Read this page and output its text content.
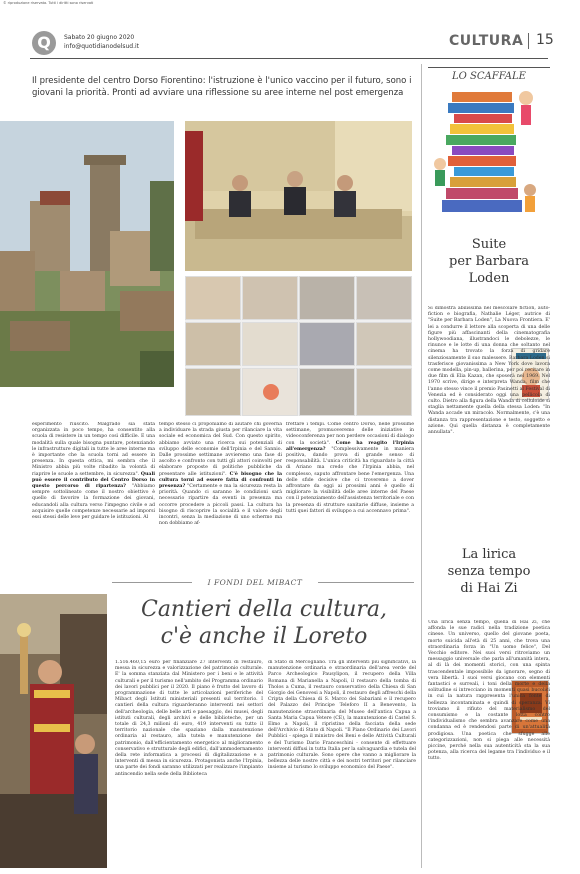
© riproduzione riservata. Tutti i diritti sono riservati
Q	Sabato 20 giugno 2020
info@quotidianodelsud.it	CULTURA 15
Il presidente del centro Dorso Fiorentino: l'istruzione è l'unico vaccino per il futuro, sono i giovani la priorità. Pronti ad avviare una riflessione su aree interne nel post emergenza
esperimento riuscito. Malgrado sia stata organizzata in poco tempo, ha consentito alla scuola di resistere in un tempo così difficile. E una modalità sulla quale bisogna puntare, potenziando le infrastrutture digitali in tutte le aree interne ma è importante che la scuola torni ad essere in presenza. In questa ottica, mi sembra che il Ministro abbia più volte ribadito la volontà di riaprire le scuole a settembre, in sicurezza". Quali può essere il contributo del Centro Dorso in questo percorso di ripartenza? "Abbiamo sempre sottolineato come il nostro obiettivo è quello di favorire la formazione dei giovani, educandoli alla cultura verso l'impegno civile e ad acquisire quelle competenze necessarie ad imporsi essi stessi delle leve per guidare le istituzioni. Al
tempo stesso ci proponiamo di aiutare chi governa a individuare la strada giusta per rilanciare la vita sociale ed economica del Sud. Con questo spirito, abbiamo avviato una ricerca sui potenziali di sviluppo delle economie dell'Irpinia e del Sannio. Dalle prossime settimane avvieremo una fase di ascolto e confronto con tutti gli attori coinvolti per elaborare proposte di politiche pubbliche da presentare alle istituzioni". C'è bisogno che la cultura torni ad essere fatta di confronti in presenza? "Certamente e ma la sicurezza resta la priorità. Quando ci saranno le condizioni sarà necessario ripartire da eventi in presenza ma occorre procedere a piccoli passi. La cultura ha bisogno di riscoprire la socialità e il valore degli incontri, senza la mediazione di uno schermo ma non dobbiamo af-
frettare i tempi. Come centro Dorso, nelle prossime settimane, promuoveremo delle iniziative in videoconferenza per non perdere occasioni di dialogo con la società". Come ha reagito l'Irpinia all'emergenza? "Complessivamente in maniera positiva, dando prova di grande senso di responsabilità. L'unica criticità ha riguardato la città di Ariano ma credo che l'Irpinia abbia, nel complesso, saputo affrontare bene l'emergenza. Una delle sfide decisive che ci troveremo a dover affrontare da oggi ai prossimi anni è quello di migliorare la visibilità delle aree interne del Paese con il potenziamento dell'assistenza territoriale e con la presenza di strutture sanitarie diffuse, insieme a tutti quei fattori di sviluppo a cui accennavo prima".
LO SCAFFALE
Suite
per Barbara
Loden
Si dimostra abilissima nel mescolare fiction, auto-fiction e biografia, Nathalie Léger, autrice di "Suite per Barbara Loden", La Nuova Frontiera. E' lei a condurre il lettore alla scoperta di una delle figure più affascinanti della cinematografia hollywoodiana, illustrandoci le debolezze, le rinunce e le lotte di una donna che soltanto nel cinema ha trovato la forza di gridare silenziosamente il suo malessere. Barbara Loden si trasferisce giovanissima a New York dove lavora come modella, pin-up, ballerina, per poi recitare in due film di Elia Kazan, che sposerà nel 1969. Nel 1970 scrive, dirige e interpreta Wanda, film che l'anno stesso vince il premio Pasinetti al Festival di Venezia ed è considerato oggi una pellicola di culto. Dietro alla figura della Wanda di celluloide si staglia nettamente quella della stessa Loden: "In Wanda accade un miracolo. Normalmente, c'è una distanza tra rappresentazione e testo, soggetto e azione. Qui quella distanza è completamente annullata".
La lirica
senza tempo
di Hai Zi
Una lirica senza tempo, quella di Hai Zi, che affonda le sue radici nella tradizione poetica cinese. Un universo, quello del giovane poeta, morto suicida all'età di 25 anni, che trova una straordinaria forza in "Un uomo felice", Del Vecchio editore. Nei suoi versi ritroviamo un messaggio universale che parla all'umanità intera, al di là dei momenti storici, con una spinta trascendentale impossibile da ignorare, segno di vera libertà. I suoi versi giocano con elementi fantastici e surreali, i toni della morte e della solitudine si intrecciano in momenti quasi bucolici in cui la natura rappresenta l'unica fonte di bellezza incontaminata e quindi di speranza. Vi troviamo il rifiuto del materialismo del consumismo e la costante lotta contro l'individualismo che sembra avanzare come una condanna ed è rendendosi parte di un'attualità prodigiosa. Una poetica che sfugge alle categorizzazioni, non si piega alle necessità piccine, perché nella sua autenticità sta la sua potenza, alla ricerca del legame tra l'individuo e il tutto.
I FONDI DEL MIBACT
Cantieri della cultura,
c'è anche il Loreto
1.516.460,15 euro per finanziare 27 interventi di restauro, messa in sicurezza e valorizzazione del patrimonio culturale. E' la somma stanziata dal Ministero per i beni e le attività culturali e per il turismo nell'ambito del Programma ordinario dei lavori pubblici per il 2020. Il piano è frutto del lavoro di programmazione di tutte le articolazioni periferiche del Mibact degli Istituti ministeriali presenti sul territorio. I cantieri della cultura riguarderanno interventi nei settori dell'archeologia, delle belle arti e paesaggio, dei musei, degli istituti culturali, degli archivi e delle biblioteche, per un totale di 24,3 milioni di euro, 419 interventi su tutto il territorio nazionale che spaziano dalla manutenzione ordinaria al restauro, alla tutela e manutenzione del patrimonio, dall'efficientamento energetico al miglioramento conservativo e strutturale degli edifici, dall'ammodernamento della rete informatica a processi di digitalizzazione e a interventi di messa in sicurezza. Protagonista anche l'Irpinia, una parte dei fondi saranno utilizzati per realizzare l'impianto antincendio nella sede della Biblioteca
di Stato di Mercogliano. Tra gli interventi più significativi, la manutenzione ordinaria e straordinaria dell'area verde del Parco Archeologico Pausylipon, il recupero della Villa Romana di Marianella a Napoli, il restauro della tomba di Tholos a Cuma, il restauro conservativo della Chiesa di San Giorgio dei Genovesi a Napoli, il restauro degli affreschi della Cripta della Chiesa di S. Marco dei Sabariani e il recupero del Palazzo del Principe Teleforo II a Benevento, la manutenzione straordinaria del Museo dell'antica Capua a Santa Maria Capua Vetere (CE), la manutenzione di Castel S. Elmo a Napoli, il ripristino della facciata della sede dell'Archivio di Stato di Napoli. "Il Piano Ordinario dei Lavori Pubblici - spiega il ministro dei Beni e delle Attività Culturali e del Turismo Dario Franceschini - consente di effettuare interventi diffusi in tutta Italia per la salvaguardia e tutela del patrimonio culturale. Sono opere che vanno a migliorare la bellezza delle nostre città e dei nostri territori per rilanciare insieme al turismo lo sviluppo economico del Paese".
